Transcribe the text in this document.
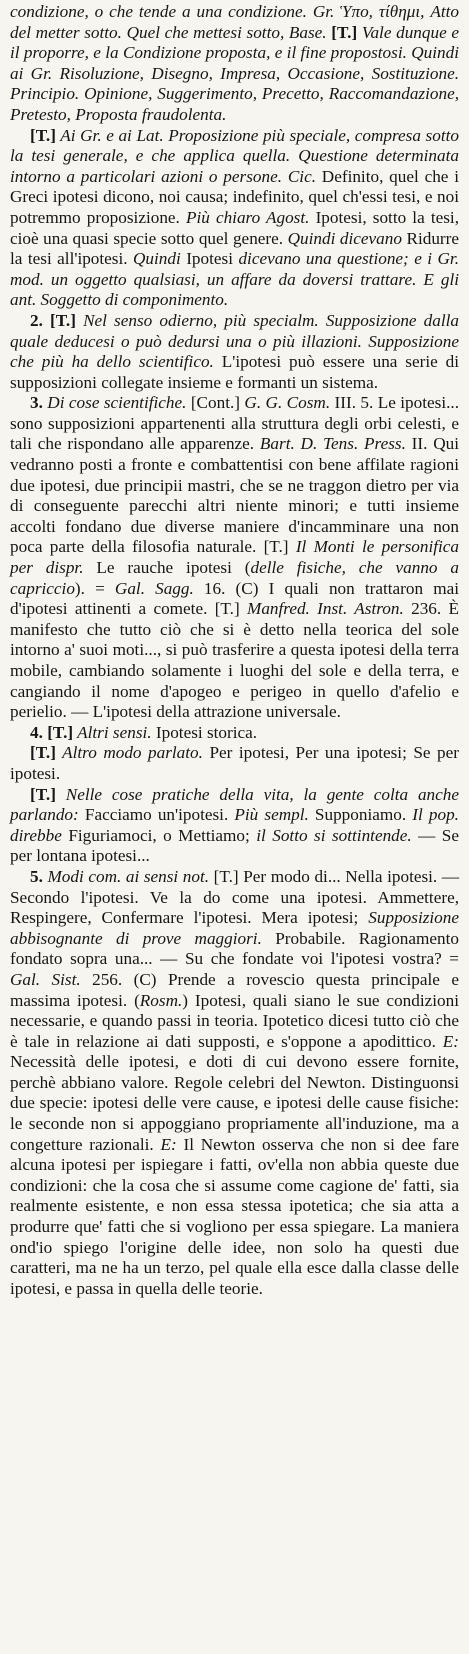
condizione, o che tende a una condizione. Gr. Ὑπο, τίθημι, Atto del metter sotto. Quel che mettesi sotto, Base. [T.] Vale dunque e il proporre, e la Condizione proposta, e il fine propostosi. Quindi ai Gr. Risoluzione, Disegno, Impresa, Occasione, Sostituzione. Principio. Opinione, Suggerimento, Precetto, Raccomandazione, Pretesto, Proposta fraudolenta.
[T.] Ai Gr. e ai Lat. Proposizione più speciale, compresa sotto la tesi generale, e che applica quella. Questione determinata intorno a particolari azioni o persone. Cic. Definito, quel che i Greci ipotesi dicono, noi causa; indefinito, quel ch'essi tesi, e noi potremmo proposizione. Più chiaro Agost. Ipotesi, sotto la tesi, cioè una quasi specie sotto quel genere. Quindi dicevano Ridurre la tesi all'ipotesi. Quindi Ipotesi dicevano una questione; e i Gr. mod. un oggetto qualsiasi, un affare da doversi trattare. E gli ant. Soggetto di componimento.
2. [T.] Nel senso odierno, più specialm. Supposizione dalla quale deducesi o può dedursi una o più illazioni. Supposizione che più ha dello scientifico. L'ipotesi può essere una serie di supposizioni collegate insieme e formanti un sistema.
3. Di cose scientifiche. [Cont.] G. G. Cosm. III. 5. Le ipotesi... sono supposizioni appartenenti alla struttura degli orbi celesti, e tali che rispondano alle apparenze. Bart. D. Tens. Press. II. Qui vedranno posti a fronte e combattentisi con bene affilate ragioni due ipotesi, due principii mastri, che se ne traggon dietro per via di conseguente parecchi altri niente minori; e tutti insieme accolti fondano due diverse maniere d'incamminare una non poca parte della filosofia naturale. [T.] Il Monti le personifica per dispr. Le rauche ipotesi (delle fisiche, che vanno a capriccio). = Gal. Sagg. 16. (C) I quali non trattaron mai d'ipotesi attinenti a comete. [T.] Manfred. Inst. Astron. 236. È manifesto che tutto ciò che si è detto nella teorica del sole intorno a' suoi moti..., si può trasferire a questa ipotesi della terra mobile, cambiando solamente i luoghi del sole e della terra, e cangiando il nome d'apogeo e perigeo in quello d'afelio e perielio. — L'ipotesi della attrazione universale.
4. [T.] Altri sensi. Ipotesi storica.
[T.] Altro modo parlato. Per ipotesi, Per una ipotesi; Se per ipotesi.
[T.] Nelle cose pratiche della vita, la gente colta anche parlando: Facciamo un'ipotesi. Più sempl. Supponiamo. Il pop. direbbe Figuriamoci, o Mettiamo; il Sotto si sottintende. — Se per lontana ipotesi...
5. Modi com. ai sensi not. [T.] Per modo di... Nella ipotesi. — Secondo l'ipotesi. Ve la do come una ipotesi. Ammettere, Respingere, Confermare l'ipotesi. Mera ipotesi; Supposizione abbisognante di prove maggiori. Probabile. Ragionamento fondato sopra una... — Su che fondate voi l'ipotesi vostra? = Gal. Sist. 256. (C) Prende a rovescio questa principale e massima ipotesi. (Rosm.) Ipotesi, quali siano le sue condizioni necessarie, e quando passi in teoria. Ipotetico dicesi tutto ciò che è tale in relazione ai dati supposti, e s'oppone a apodittico. E: Necessità delle ipotesi, e doti di cui devono essere fornite, perchè abbiano valore. Regole celebri del Newton. Distinguonsi due specie: ipotesi delle vere cause, e ipotesi delle cause fisiche: le seconde non si appoggiano propriamente all'induzione, ma a congetture razionali. E: Il Newton osserva che non si dee fare alcuna ipotesi per ispiegare i fatti, ov'ella non abbia queste due condizioni: che la cosa che si assume come cagione de' fatti, sia realmente esistente, e non essa stessa ipotetica; che sia atta a produrre que' fatti che si vogliono per essa spiegare. La maniera ond'io spiego l'origine delle idee, non solo ha questi due caratteri, ma ne ha un terzo, pel quale ella esce dalla classe delle ipotesi, e passa in quella delle teorie.
